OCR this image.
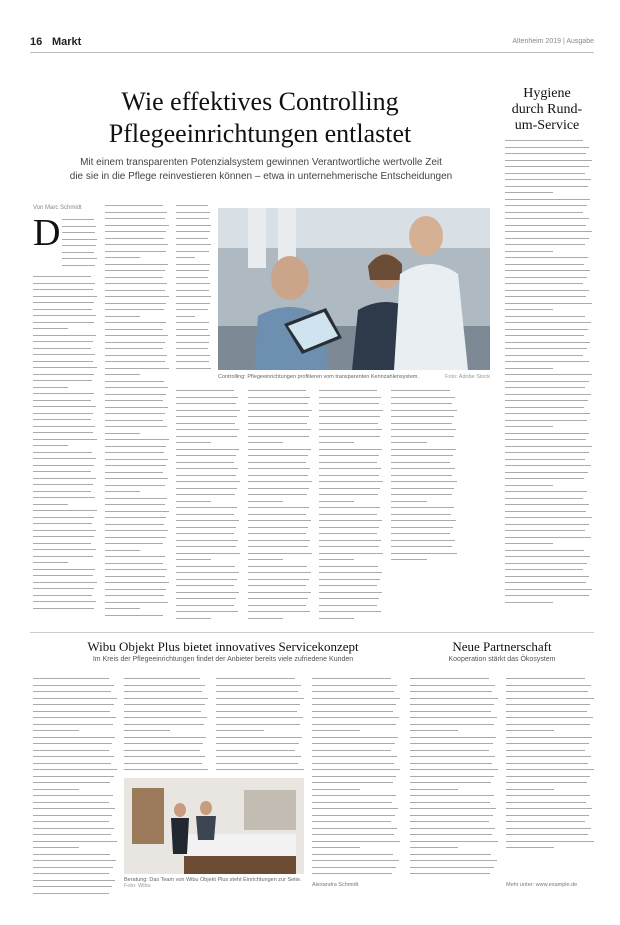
16 Markt	Altenheim 2019 | Ausgabe
Wie effektives Controlling
Pflegeeinrichtungen entlastet
Mit einem transparenten Potenzialsystem gewinnen Verantwortliche wertvolle Zeit
die sie in die Pflege reinvestieren können – etwa in unternehmerische Entscheidungen
Von Marc Schmidt
D
Controlling: Pflegeeinrichtungen profitieren vom transparenten Kennzahlensystem.	Foto: Adobe Stock
Hygiene
durch Rund-
um-Service
Wibu Objekt Plus bietet innovatives Servicekonzept
Im Kreis der Pflegeeinrichtungen findet der Anbieter bereits viele zufriedene Kunden
Neue Partnerschaft
Kooperation stärkt das Ökosystem
Beratung: Das Team von Wibu Objekt Plus steht Einrichtungen zur Seite. Foto: Wibu	Alexandra Schmidt	Mehr unter: www.example.de
